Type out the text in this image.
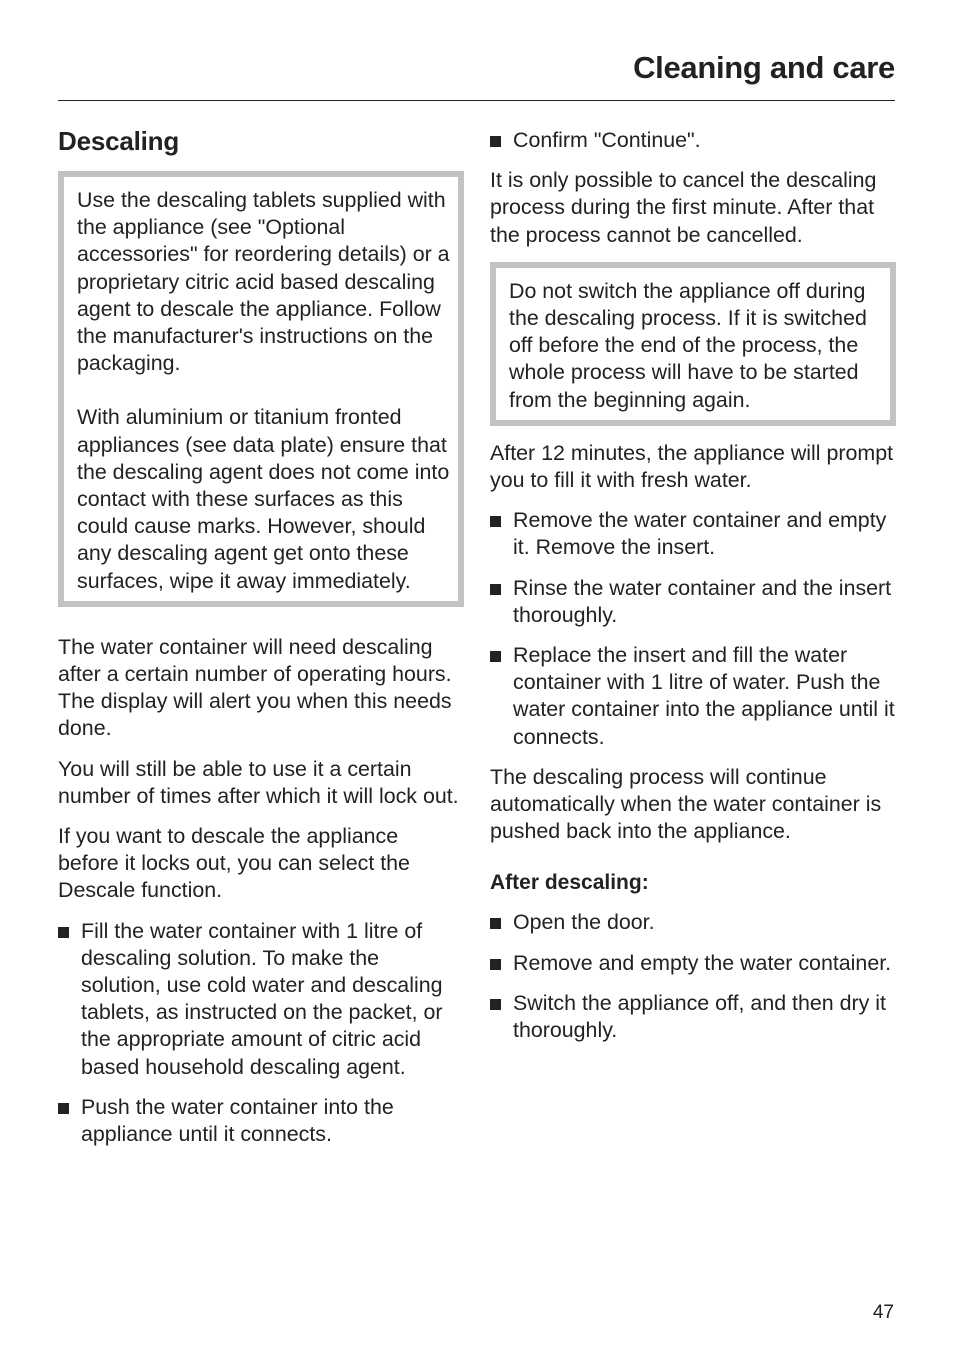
Cleaning and care
Descaling

Use the descaling tablets supplied with the appliance (see "Optional accessories" for reordering details) or a proprietary citric acid based descaling agent to descale the appliance. Follow the manufacturer's instructions on the packaging.

With aluminium or titanium fronted appliances (see data plate) ensure that the descaling agent does not come into contact with these surfaces as this could cause marks. However, should any descaling agent get onto these surfaces, wipe it away immediately.

The water container will need descaling after a certain number of operating hours. The display will alert you when this needs done.

You will still be able to use it a certain number of times after which it will lock out.

If you want to descale the appliance before it locks out, you can select the Descale function.

Fill the water container with 1 litre of descaling solution. To make the solution, use cold water and descaling tablets, as instructed on the packet, or the appropriate amount of citric acid based household descaling agent.
Push the water container into the appliance until it connects.
Confirm "Continue".

It is only possible to cancel the descaling process during the first minute. After that the process cannot be cancelled.

Do not switch the appliance off during the descaling process. If it is switched off before the end of the process, the whole process will have to be started from the beginning again.

After 12 minutes, the appliance will prompt you to fill it with fresh water.

Remove the water container and empty it. Remove the insert.
Rinse the water container and the insert thoroughly.
Replace the insert and fill the water container with 1 litre of water. Push the water container into the appliance until it connects.

The descaling process will continue automatically when the water container is pushed back into the appliance.

After descaling:
Open the door.
Remove and empty the water container.
Switch the appliance off, and then dry it thoroughly.
47
